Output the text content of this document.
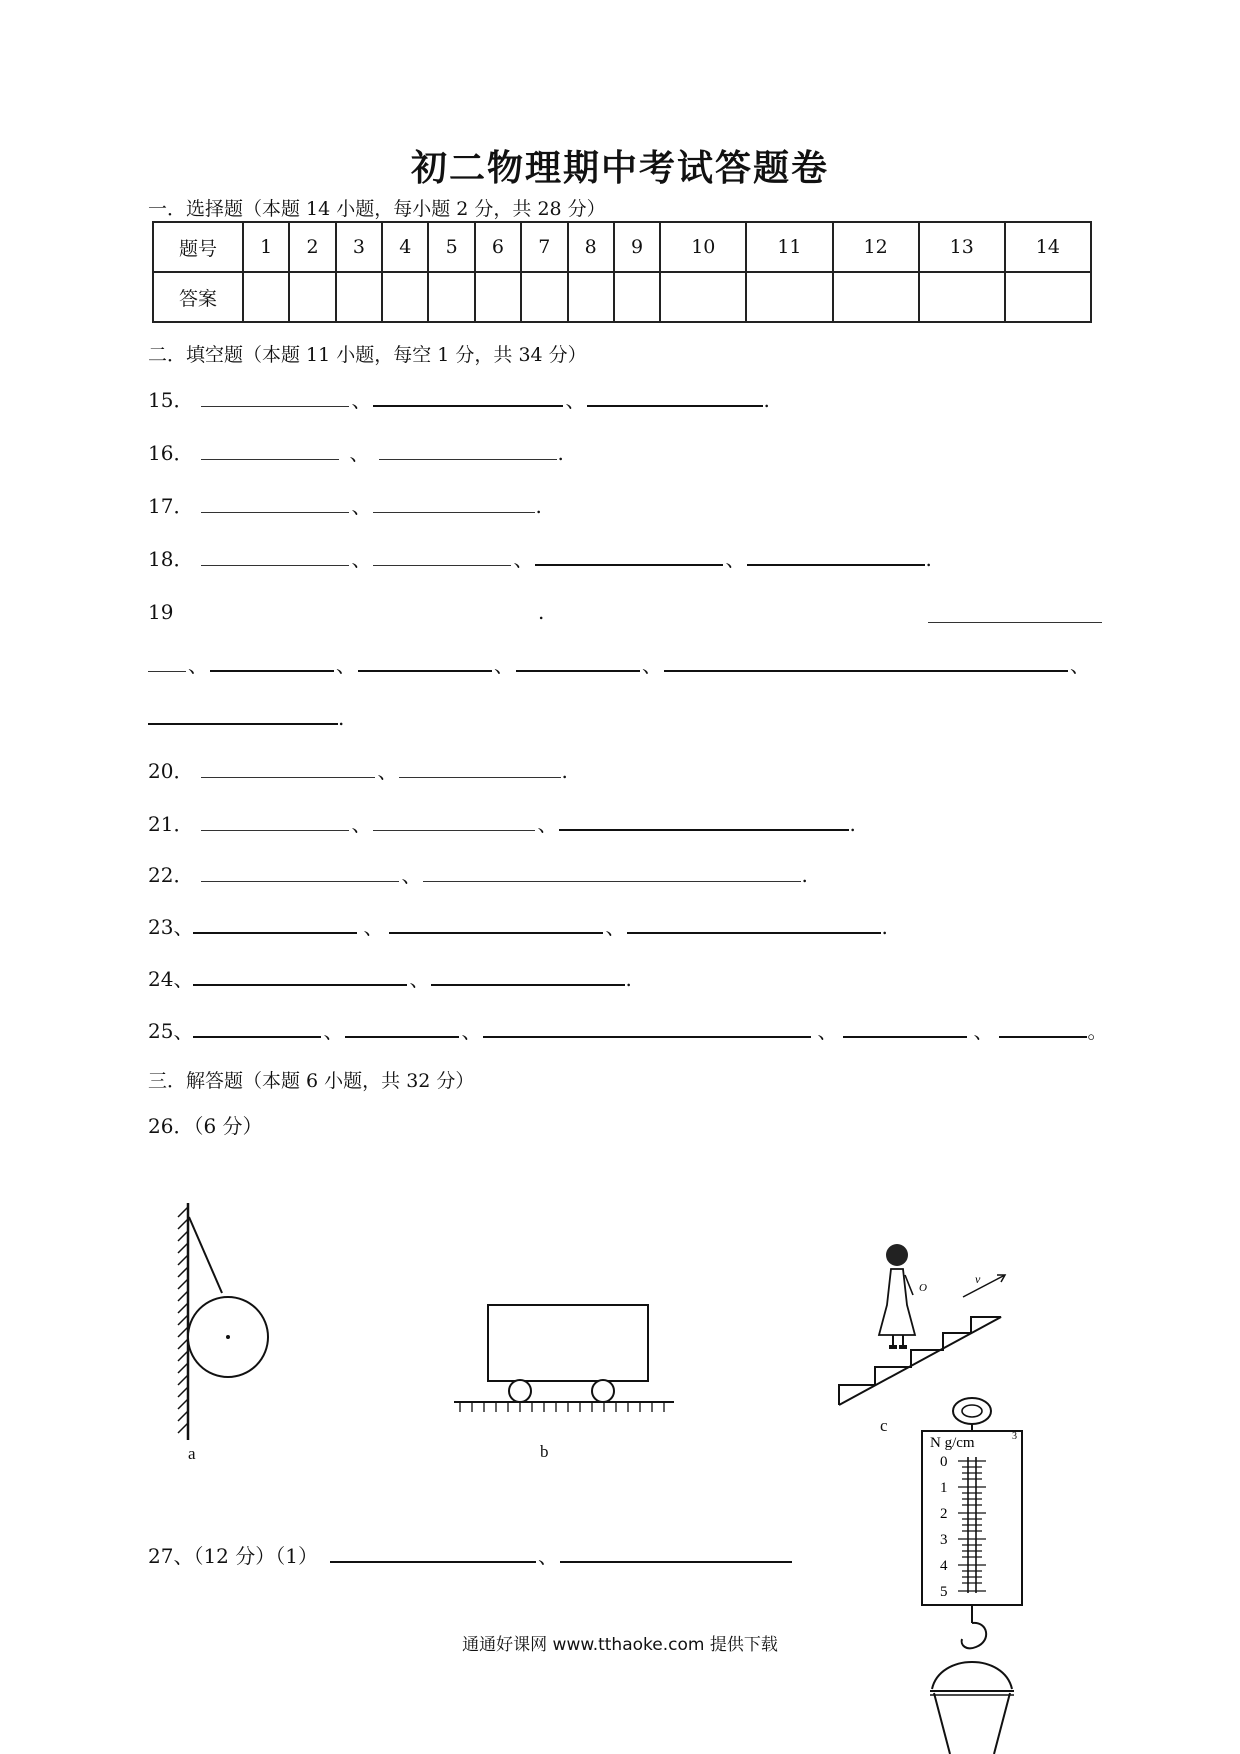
初二物理期中考试答题卷
一．选择题（本题 14 小题，每小题 2 分，共 28 分）
题号	1	2	3	4	5	6	7	8	9	10	11	12	13	14
答案														
二．填空题（本题 11 小题，每空 1 分，共 34 分）
15．	、	、	.
16．	、	.
17．	、	.
18．	、	、	、	.
19	.
、	、	、	、	、
.
20．	、	.
21．	、	、	.
22．	、	.
23、	、	、	.
24、	、	.
25、	、	、	、	、	。
三．解答题（本题 6 小题，共 32 分）
26．（6 分）
a	b
v
O
c
N g/cm	3
0
1
2
3
4
5
27、（12 分）（1）	、
通通好课网 www.tthaoke.com 提供下载
